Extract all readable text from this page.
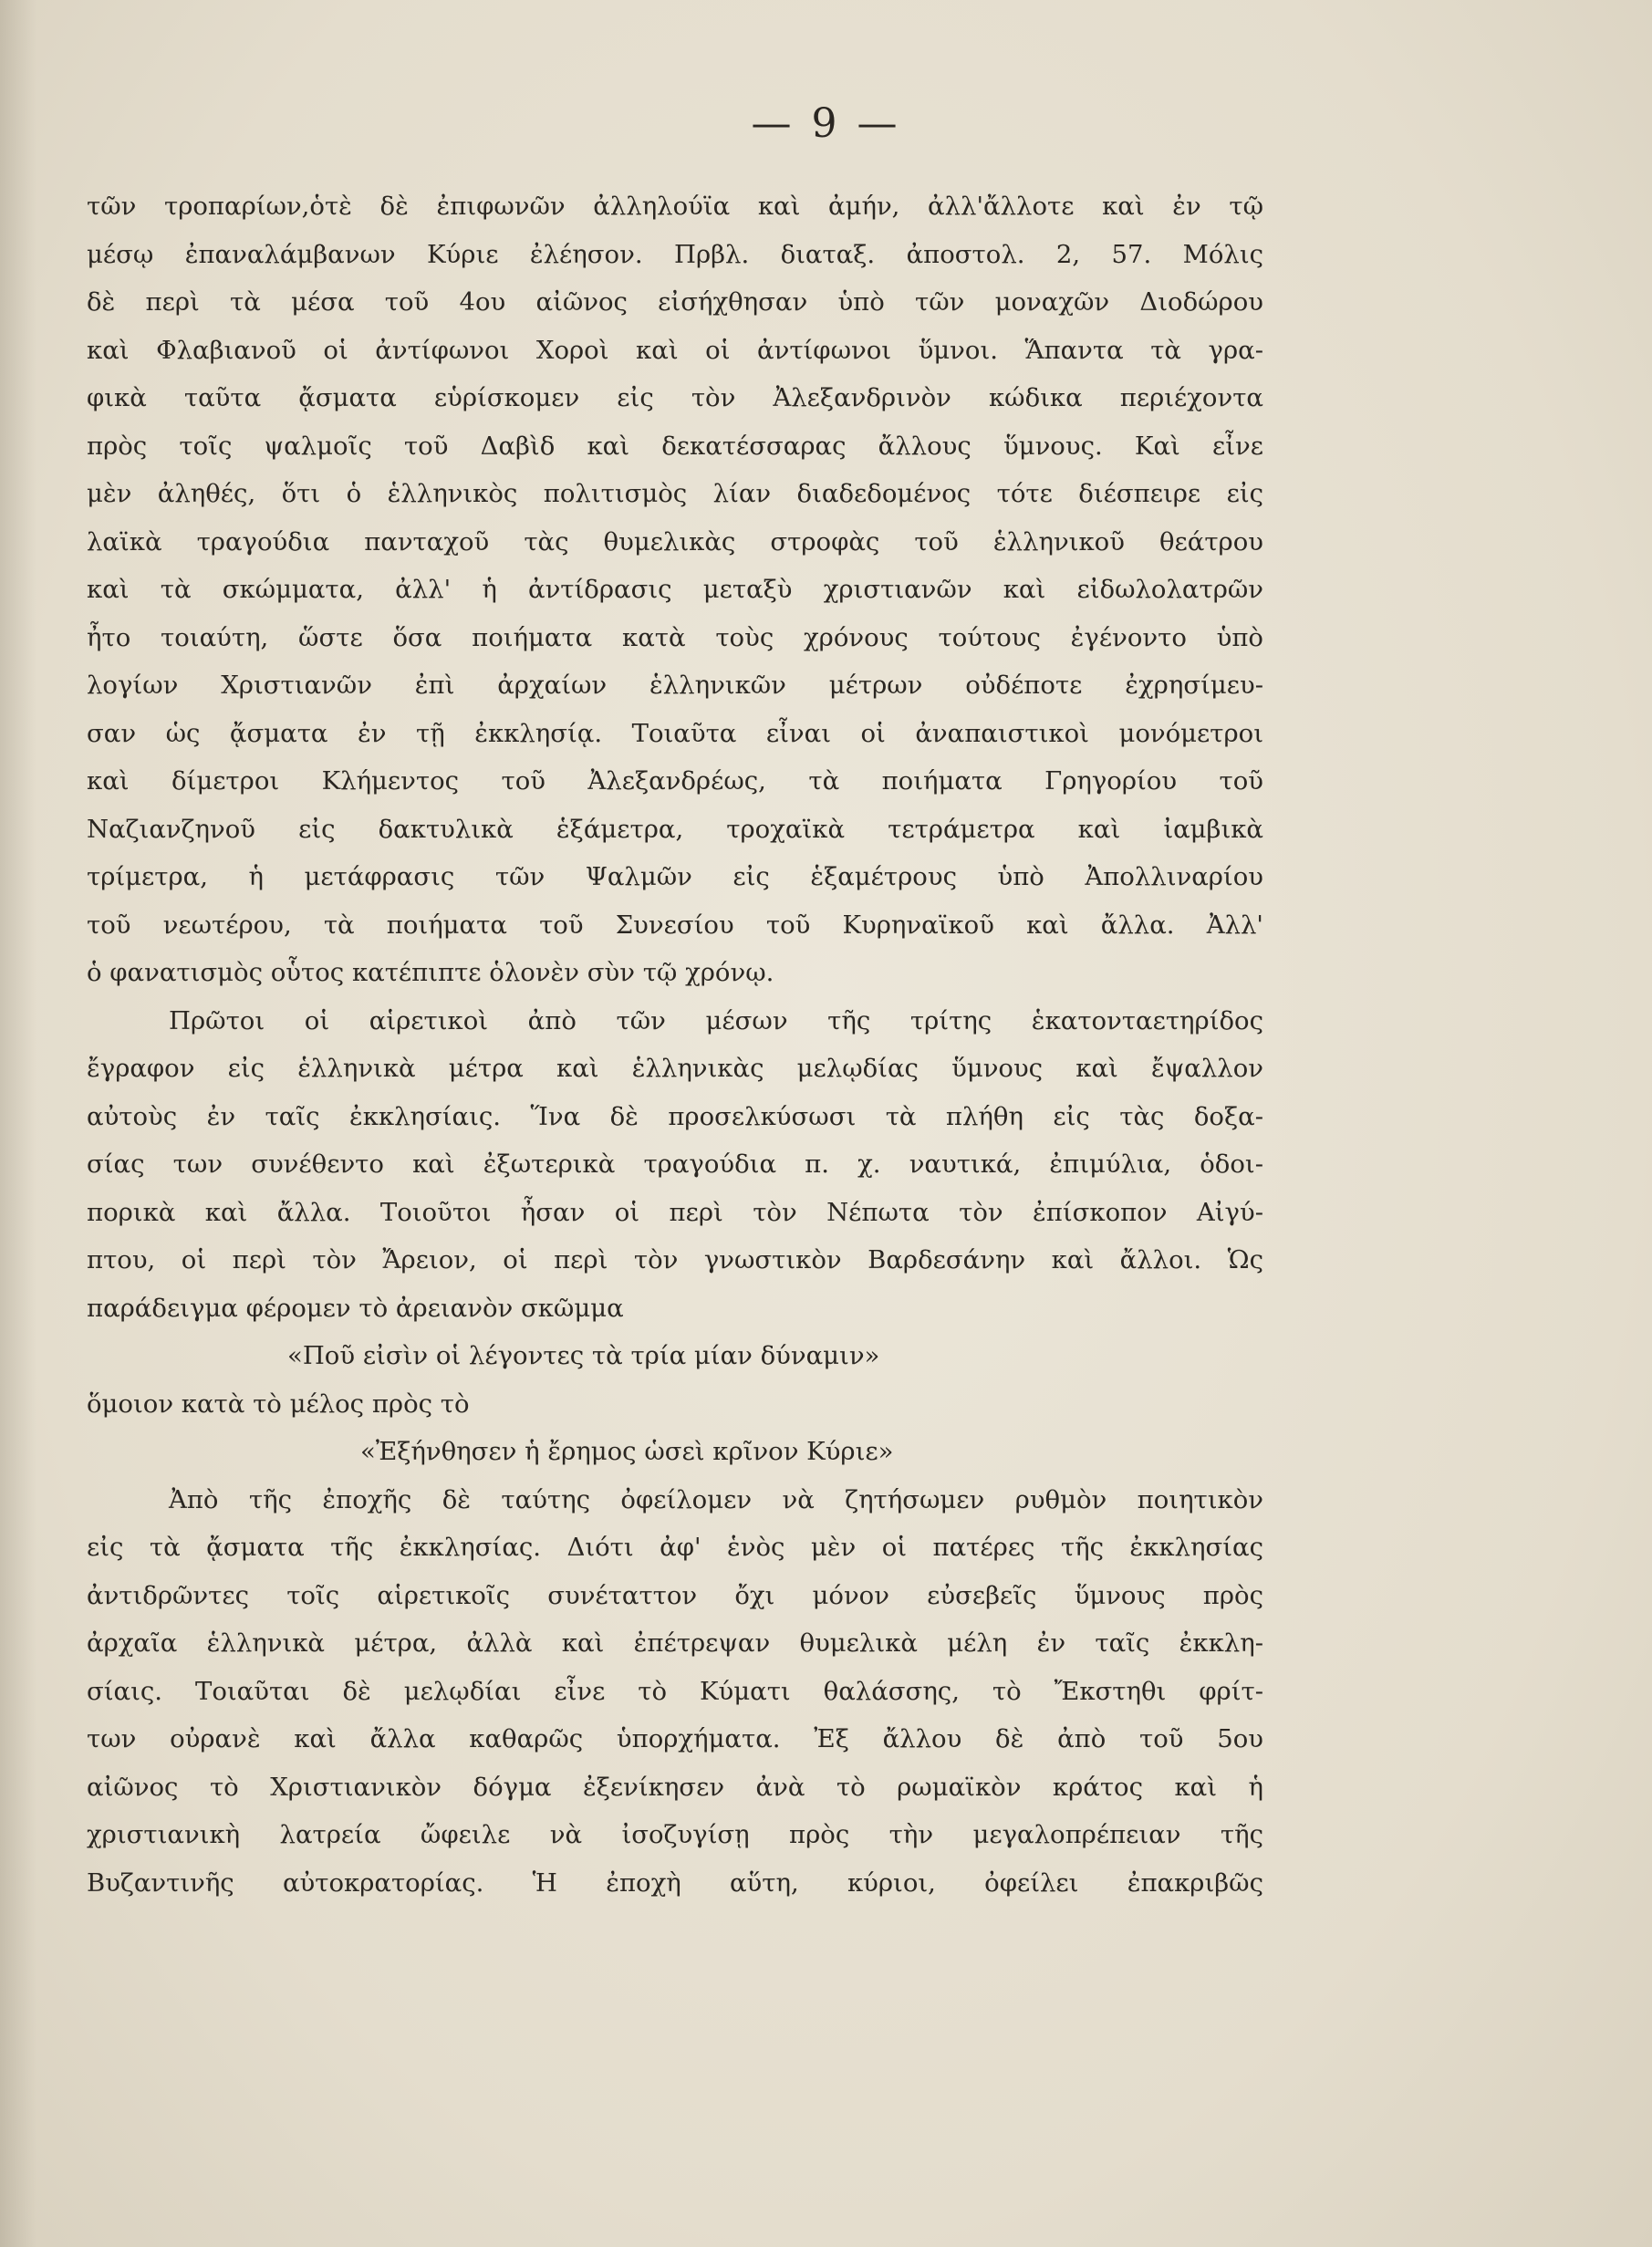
— 9 —
τῶν τροπαρίων,ὁτὲ δὲ ἐπιφωνῶν ἀλληλούϊα καὶ ἀμήν, ἀλλ'ἄλλοτε καὶ ἐν τῷ
μέσῳ ἐπαναλάμβανων Κύριε ἐλέησον. Πρβλ. διαταξ. ἀποστολ. 2, 57. Μόλις
δὲ περὶ τὰ μέσα τοῦ 4ου αἰῶνος εἰσήχθησαν ὑπὸ τῶν μοναχῶν Διοδώρου
καὶ Φλαβιανοῦ οἱ ἀντίφωνοι Χοροὶ καὶ οἱ ἀντίφωνοι ὕμνοι. Ἅπαντα τὰ γρα-
φικὰ ταῦτα ᾄσματα εὑρίσκομεν εἰς τὸν Ἀλεξανδρινὸν κώδικα περιέχοντα
πρὸς τοῖς ψαλμοῖς τοῦ Δαβὶδ καὶ δεκατέσσαρας ἄλλους ὕμνους. Καὶ εἶνε
μὲν ἀληθές, ὅτι ὁ ἑλληνικὸς πολιτισμὸς λίαν διαδεδομένος τότε διέσπειρε εἰς
λαϊκὰ τραγούδια πανταχοῦ τὰς θυμελικὰς στροφὰς τοῦ ἑλληνικοῦ θεάτρου
καὶ τὰ σκώμματα, ἀλλ' ἡ ἀντίδρασις μεταξὺ χριστιανῶν καὶ εἰδωλολατρῶν
ἦτο τοιαύτη, ὥστε ὅσα ποιήματα κατὰ τοὺς χρόνους τούτους ἐγένοντο ὑπὸ
λογίων Χριστιανῶν ἐπὶ ἀρχαίων ἑλληνικῶν μέτρων οὐδέποτε ἐχρησίμευ-
σαν ὡς ᾄσματα ἐν τῇ ἐκκλησίᾳ. Τοιαῦτα εἶναι οἱ ἀναπαιστικοὶ μονόμετροι
καὶ δίμετροι Κλήμεντος τοῦ Ἀλεξανδρέως, τὰ ποιήματα Γρηγορίου τοῦ
Ναζιανζηνοῦ εἰς δακτυλικὰ ἑξάμετρα, τροχαϊκὰ τετράμετρα καὶ ἰαμβικὰ
τρίμετρα, ἡ μετάφρασις τῶν Ψαλμῶν εἰς ἑξαμέτρους ὑπὸ Ἀπολλιναρίου
τοῦ νεωτέρου, τὰ ποιήματα τοῦ Συνεσίου τοῦ Κυρηναϊκοῦ καὶ ἄλλα. Ἀλλ'
ὁ φανατισμὸς οὗτος κατέπιπτε ὁλονὲν σὺν τῷ χρόνῳ.
Πρῶτοι οἱ αἱρετικοὶ ἀπὸ τῶν μέσων τῆς τρίτης ἑκατονταετηρίδος
ἔγραφον εἰς ἑλληνικὰ μέτρα καὶ ἑλληνικὰς μελῳδίας ὕμνους καὶ ἔψαλλον
αὐτοὺς ἐν ταῖς ἐκκλησίαις. Ἵνα δὲ προσελκύσωσι τὰ πλήθη εἰς τὰς δοξα-
σίας των συνέθεντο καὶ ἐξωτερικὰ τραγούδια π. χ. ναυτικά, ἐπιμύλια, ὁδοι-
πορικὰ καὶ ἄλλα. Τοιοῦτοι ἦσαν οἱ περὶ τὸν Νέπωτα τὸν ἐπίσκοπον Αἰγύ-
πτου, οἱ περὶ τὸν Ἄρειον, οἱ περὶ τὸν γνωστικὸν Βαρδεσάνην καὶ ἄλλοι. Ὡς
παράδειγμα φέρομεν τὸ ἀρειανὸν σκῶμμα
«Ποῦ εἰσὶν οἱ λέγοντες τὰ τρία μίαν δύναμιν»
ὅμοιον κατὰ τὸ μέλος πρὸς τὸ
«Ἐξήνθησεν ἡ ἔρημος ὡσεὶ κρῖνον Κύριε»
Ἀπὸ τῆς ἐποχῆς δὲ ταύτης ὀφείλομεν νὰ ζητήσωμεν ρυθμὸν ποιητικὸν
εἰς τὰ ᾄσματα τῆς ἐκκλησίας. Διότι ἀφ' ἑνὸς μὲν οἱ πατέρες τῆς ἐκκλησίας
ἀντιδρῶντες τοῖς αἱρετικοῖς συνέταττον ὄχι μόνον εὐσεβεῖς ὕμνους πρὸς
ἀρχαῖα ἑλληνικὰ μέτρα, ἀλλὰ καὶ ἐπέτρεψαν θυμελικὰ μέλη ἐν ταῖς ἐκκλη-
σίαις. Τοιαῦται δὲ μελῳδίαι εἶνε τὸ Κύματι θαλάσσης, τὸ Ἔκστηθι φρίτ-
των οὐρανὲ καὶ ἄλλα καθαρῶς ὑπορχήματα. Ἐξ ἄλλου δὲ ἀπὸ τοῦ 5ου
αἰῶνος τὸ Χριστιανικὸν δόγμα ἐξενίκησεν ἀνὰ τὸ ρωμαϊκὸν κράτος καὶ ἡ
χριστιανικὴ λατρεία ὤφειλε νὰ ἰσοζυγίσῃ πρὸς τὴν μεγαλοπρέπειαν τῆς
Βυζαντινῆς αὐτοκρατορίας. Ἡ ἐποχὴ αὕτη, κύριοι, ὀφείλει ἐπακριβῶς
